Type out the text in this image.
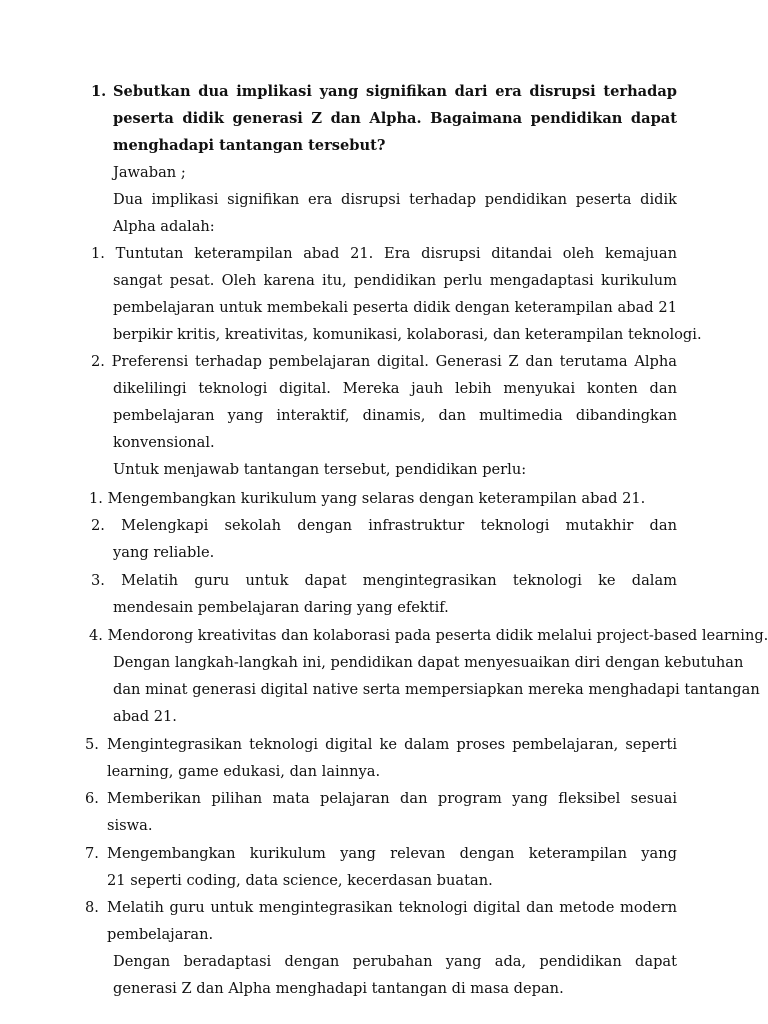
1. Sebutkan dua implikasi yang signifikan dari era disrupsi terhadap
peserta didik generasi Z dan Alpha. Bagaimana pendidikan dapat
menghadapi tantangan tersebut?
Jawaban ;
Dua implikasi signifikan era disrupsi terhadap pendidikan peserta didik
Alpha adalah:
1. Tuntutan keterampilan abad 21. Era disrupsi ditandai oleh kemajuan
sangat pesat. Oleh karena itu, pendidikan perlu mengadaptasi kurikulum
pembelajaran untuk membekali peserta didik dengan keterampilan abad 21
berpikir kritis, kreativitas, komunikasi, kolaborasi, dan keterampilan teknologi.
2. Preferensi terhadap pembelajaran digital. Generasi Z dan terutama Alpha
dikelilingi teknologi digital. Mereka jauh lebih menyukai konten dan
pembelajaran yang interaktif, dinamis, dan multimedia dibandingkan
konvensional.
Untuk menjawab tantangan tersebut, pendidikan perlu:
1. Mengembangkan kurikulum yang selaras dengan keterampilan abad 21.
2. Melengkapi sekolah dengan infrastruktur teknologi mutakhir dan
yang reliable.
3. Melatih guru untuk dapat mengintegrasikan teknologi ke dalam
mendesain pembelajaran daring yang efektif.
4. Mendorong kreativitas dan kolaborasi pada peserta didik melalui project-based learning.
Dengan langkah-langkah ini, pendidikan dapat menyesuaikan diri dengan kebutuhan
dan minat generasi digital native serta mempersiapkan mereka menghadapi tantangan
abad 21.
5. Mengintegrasikan teknologi digital ke dalam proses pembelajaran, seperti
learning, game edukasi, dan lainnya.
6. Memberikan pilihan mata pelajaran dan program yang fleksibel sesuai
siswa.
7. Mengembangkan kurikulum yang relevan dengan keterampilan yang
21 seperti coding, data science, kecerdasan buatan.
8. Melatih guru untuk mengintegrasikan teknologi digital dan metode modern
pembelajaran.
Dengan beradaptasi dengan perubahan yang ada, pendidikan dapat
generasi Z dan Alpha menghadapi tantangan di masa depan.
